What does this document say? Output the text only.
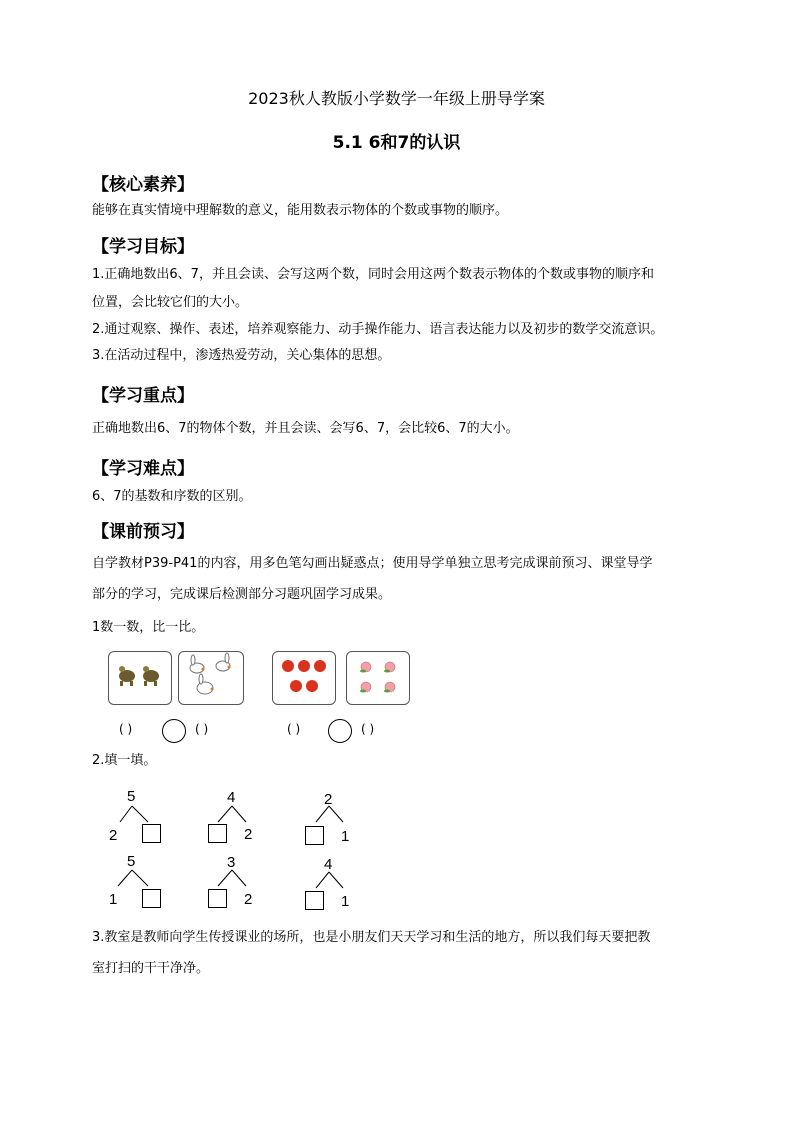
2023秋人教版小学数学一年级上册导学案
5.1 6和7的认识
【核心素养】
能够在真实情境中理解数的意义，能用数表示物体的个数或事物的顺序。
【学习目标】
1.正确地数出6、7，并且会读、会写这两个数，同时会用这两个数表示物体的个数或事物的顺序和
位置，会比较它们的大小。
2.通过观察、操作、表述，培养观察能力、动手操作能力、语言表达能力以及初步的数学交流意识。
3.在活动过程中，渗透热爱劳动，关心集体的思想。
【学习重点】
正确地数出6、7的物体个数，并且会读、会写6、7，会比较6、7的大小。
【学习难点】
6、7的基数和序数的区别。
【课前预习】
自学教材P39-P41的内容，用多色笔勾画出疑惑点；使用导学单独立思考完成课前预习、课堂导学
部分的学习，完成课后检测部分习题巩固学习成果。
1数一数，比一比。
( )	( )	( )	( )
2.填一填。
5
2
4
2
2
1
5
1
3
2
4
1
3.教室是教师向学生传授课业的场所，也是小朋友们天天学习和生活的地方，所以我们每天要把教
室打扫的干干净净。
